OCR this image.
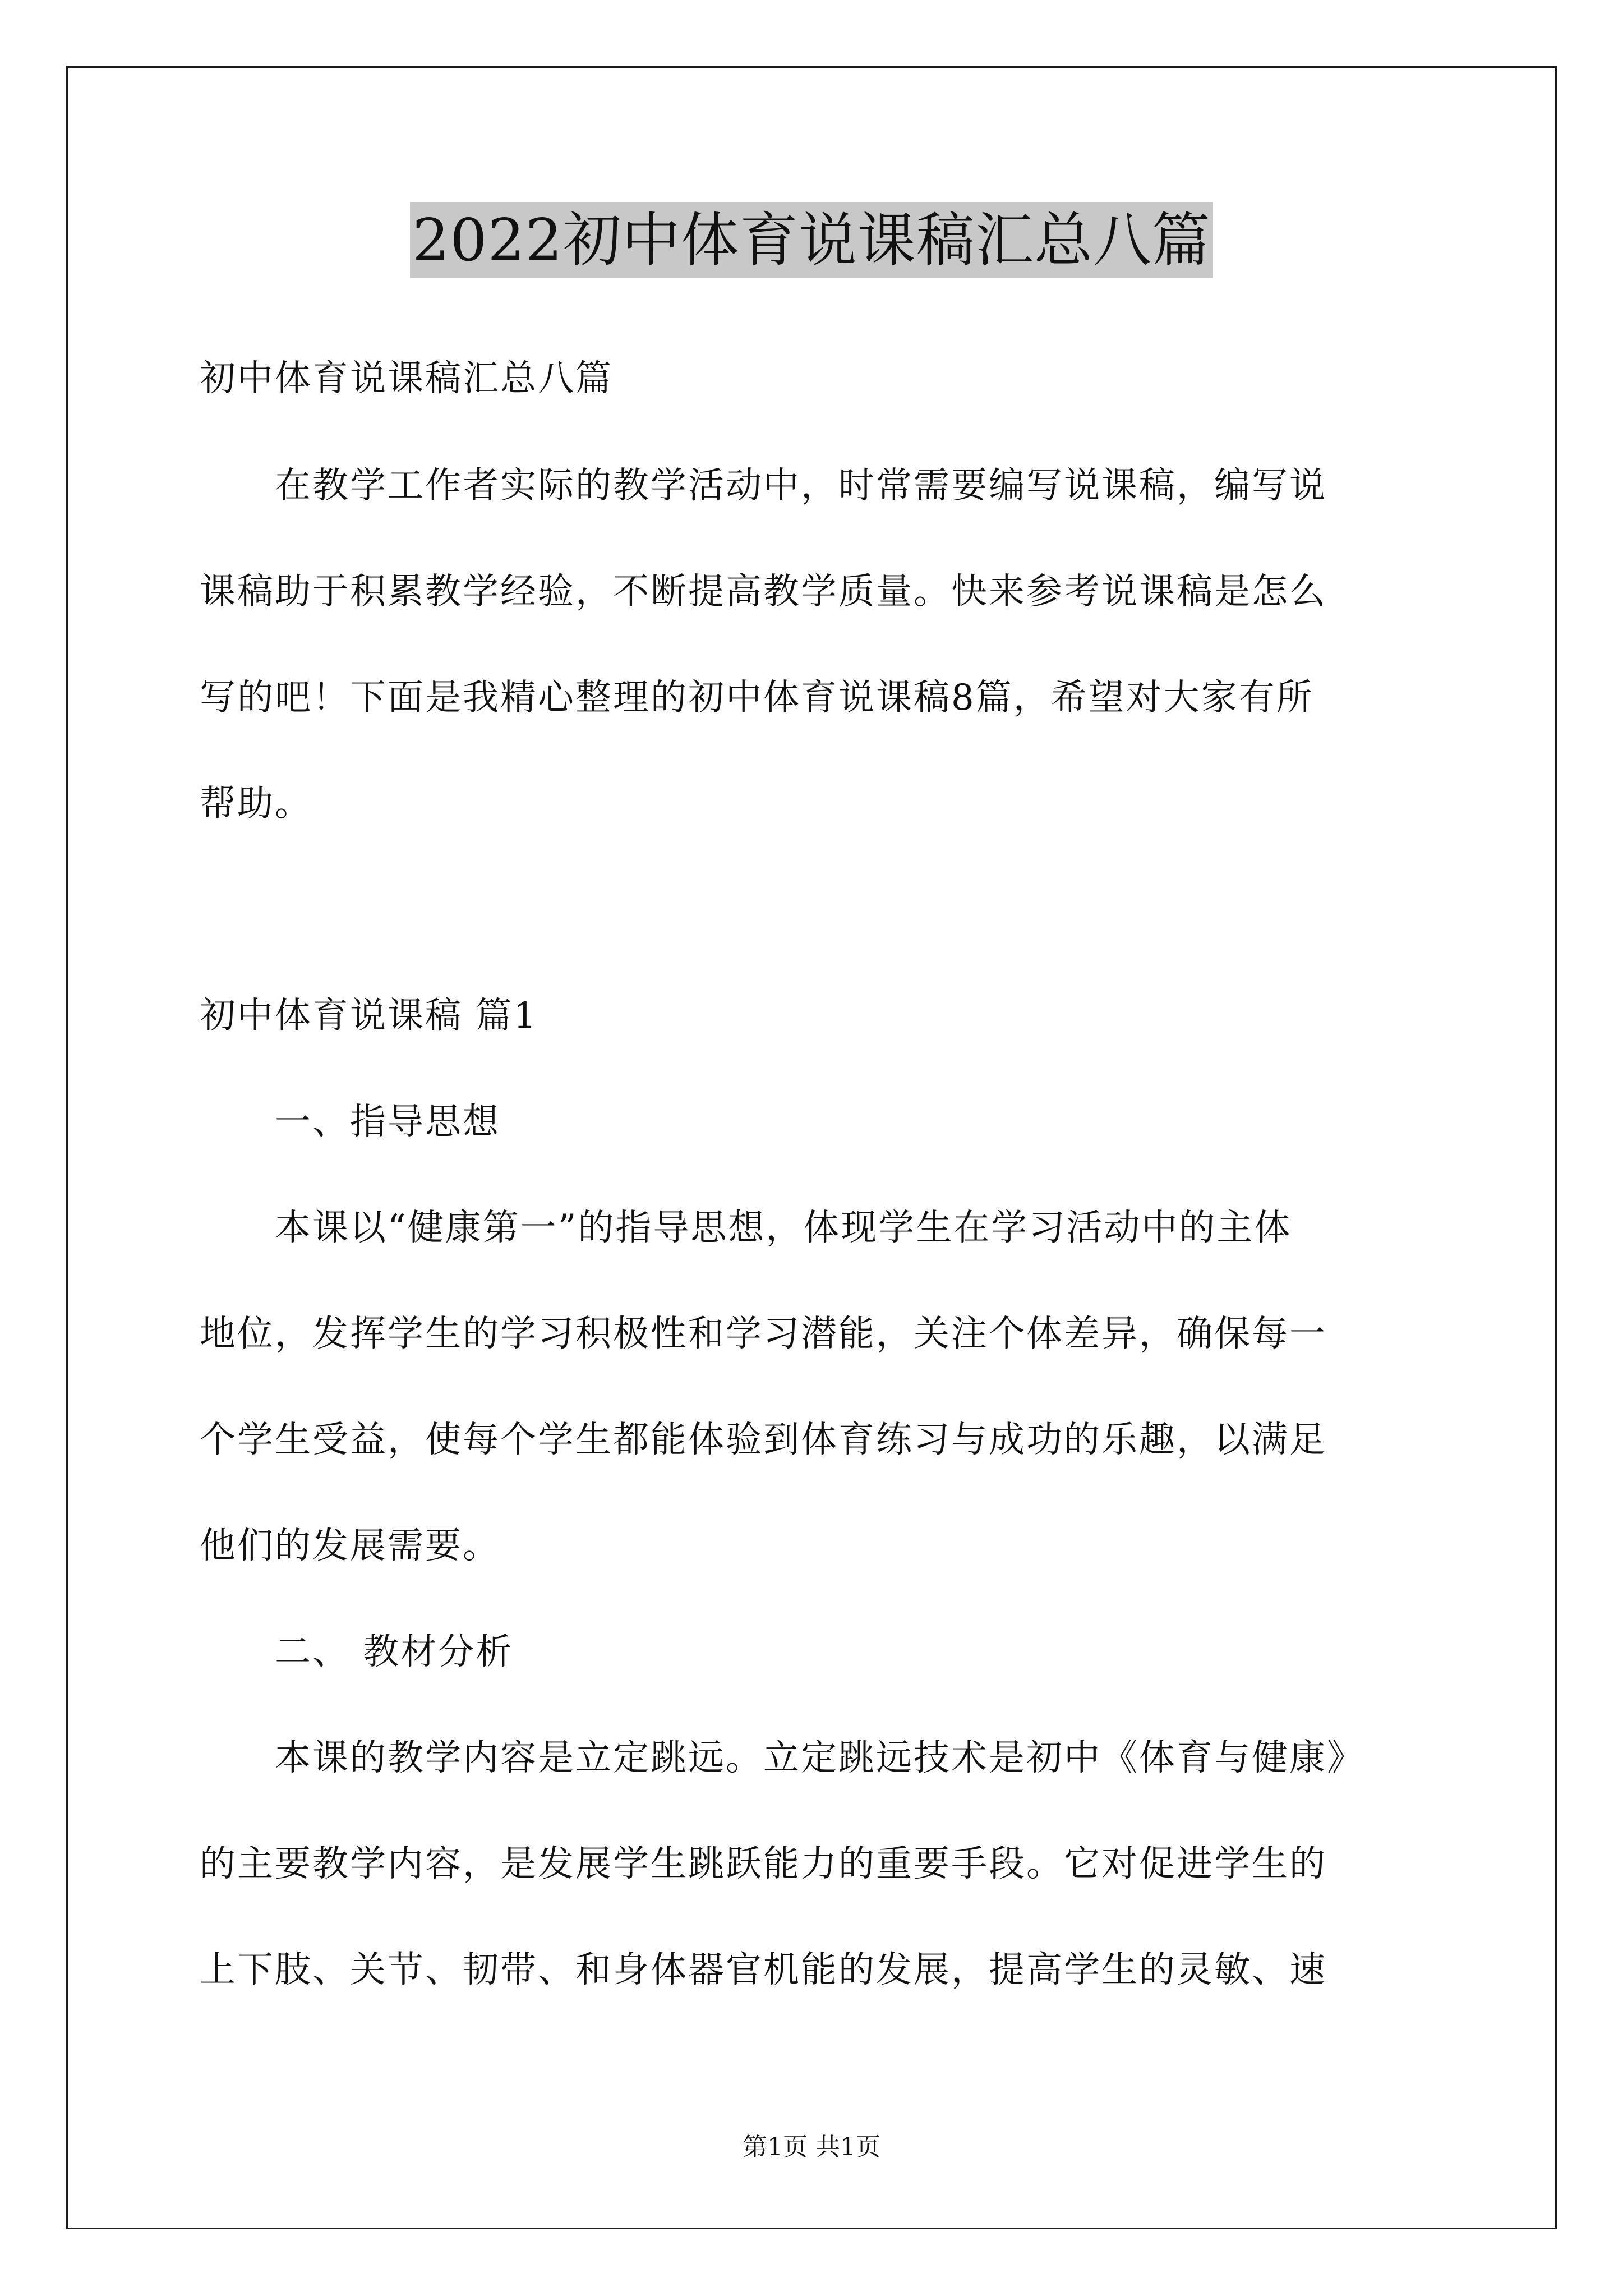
2022初中体育说课稿汇总八篇
初中体育说课稿汇总八篇
　　在教学工作者实际的教学活动中，时常需要编写说课稿，编写说
课稿助于积累教学经验，不断提高教学质量。快来参考说课稿是怎么
写的吧！下面是我精心整理的初中体育说课稿8篇，希望对大家有所
帮助。
初中体育说课稿 篇1
　　一、指导思想
　　本课以“健康第一”的指导思想，体现学生在学习活动中的主体
地位，发挥学生的学习积极性和学习潜能，关注个体差异，确保每一
个学生受益，使每个学生都能体验到体育练习与成功的乐趣，以满足
他们的发展需要。
　　二、 教材分析
　　本课的教学内容是立定跳远。立定跳远技术是初中《体育与健康》
的主要教学内容，是发展学生跳跃能力的重要手段。它对促进学生的
上下肢、关节、韧带、和身体器官机能的发展，提高学生的灵敏、速
第1页 共1页
